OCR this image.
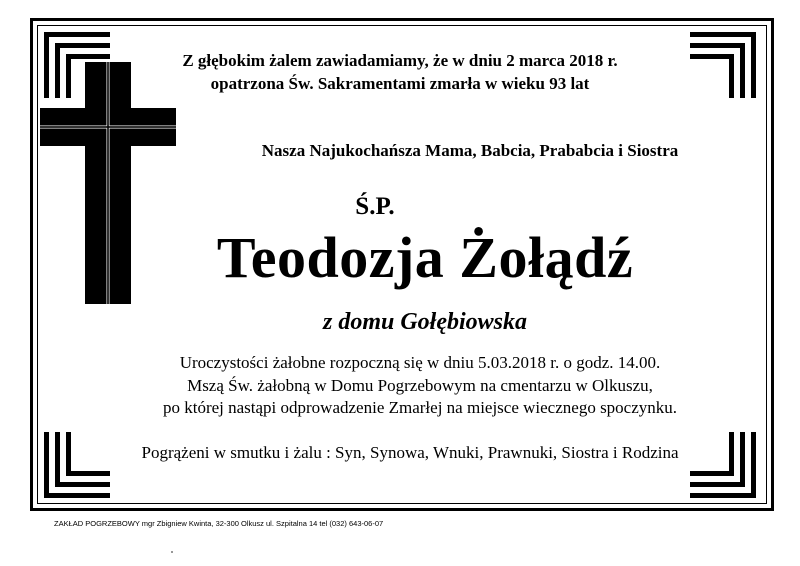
Z głębokim żalem zawiadamiamy, że w dniu 2 marca 2018 r.
opatrzona Św. Sakramentami zmarła w wieku 93 lat
Nasza Najukochańsza Mama, Babcia, Prababcia i Siostra
Ś.P.
Teodozja Żołądź
z domu Gołębiowska
Uroczystości żałobne rozpoczną się w dniu 5.03.2018 r. o godz. 14.00.
Mszą Św. żałobną w Domu Pogrzebowym na cmentarzu w Olkuszu,
po której nastąpi odprowadzenie Zmarłej na miejsce wiecznego spoczynku.
Pogrążeni w smutku i żalu : Syn, Synowa, Wnuki, Prawnuki, Siostra i Rodzina
ZAKŁAD POGRZEBOWY mgr Zbigniew Kwinta, 32-300 Olkusz ul. Szpitalna 14 tel (032) 643-06-07
